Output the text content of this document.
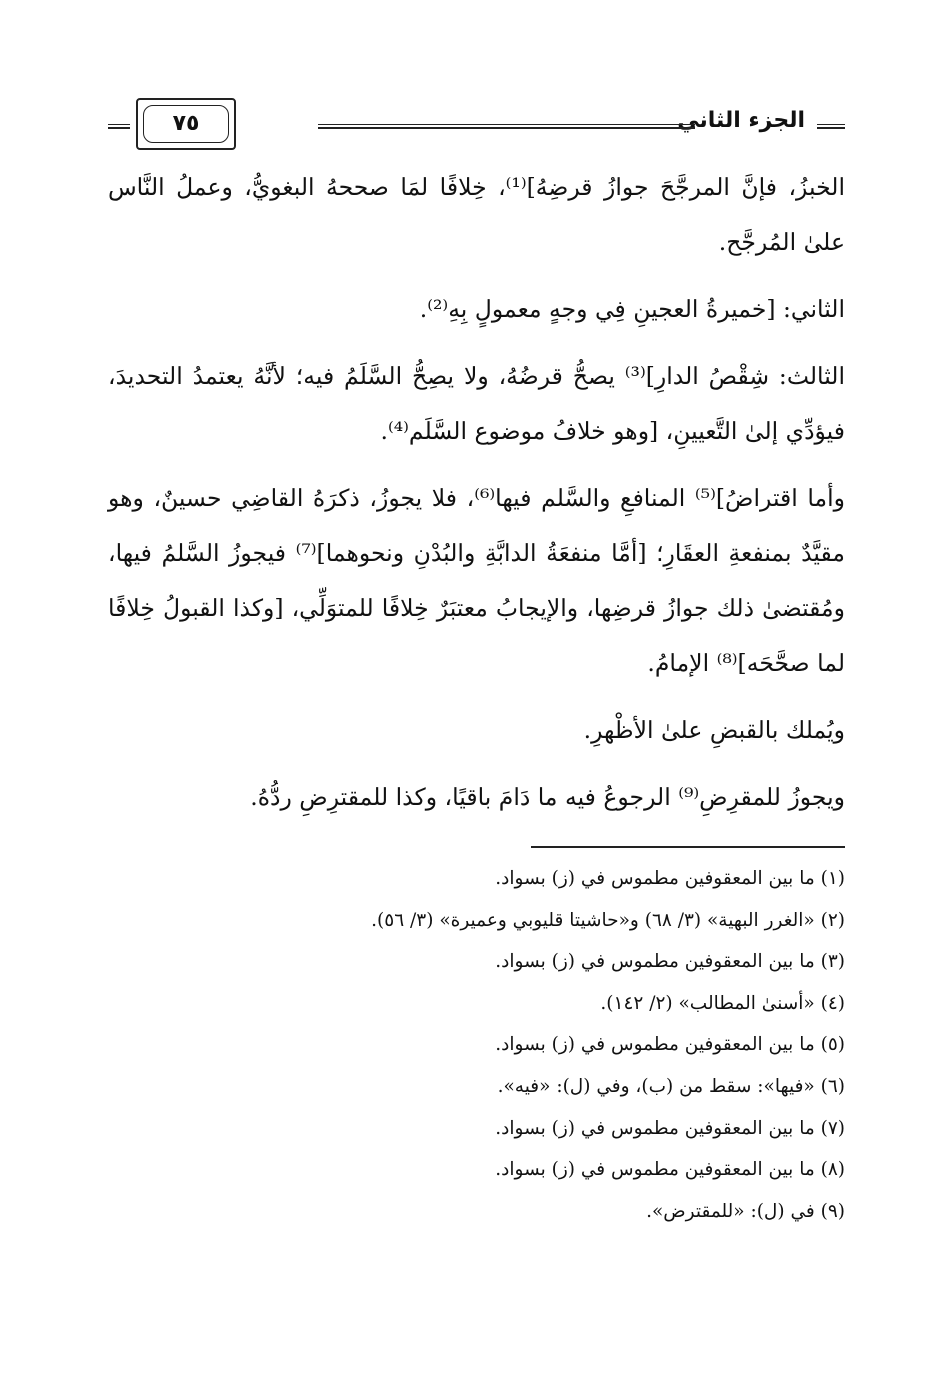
الجزء الثاني
٧٥

الخبزُ، فإنَّ المرجَّحَ جوازُ قرضِهُ]⁽¹⁾، خِلافًا لمَا صححهُ البغويُّ، وعملُ النَّاس علىٰ المُرجَّح.

الثاني: [خميرةُ العجينِ فِي وجهٍ معمولٍ بِهِ⁽²⁾.

الثالث: شِقْصُ الدارِ]⁽³⁾ يصحُّ قرضُهُ، ولا يصِحُّ السَّلَمُ فيه؛ لأنَّهُ يعتمدُ التحديدَ، فيؤدِّي إلىٰ التَّعيينِ، [وهو خلافُ موضوع السَّلَم⁽⁴⁾.

وأما اقتراضُ]⁽⁵⁾ المنافعِ والسَّلم فيها⁽⁶⁾، فلا يجوزُ، ذكرَهُ القاضِي حسينٌ، وهو مقيَّدٌ بمنفعةِ العقَارِ؛ [أمَّا منفعَةُ الدابَّةِ والبُدْنِ ونحوهما]⁽⁷⁾ فيجوزُ السَّلمُ فيها، ومُقتضىٰ ذلك جوازُ قرضِها، والإيجابُ معتبَرٌ خِلافًا للمتوَلِّي، [وكذا القبولُ خِلافًا لما صحَّحَه]⁽⁸⁾ الإمامُ.

ويُملك بالقبضِ علىٰ الأظْهرِ.

ويجوزُ للمقرِضِ⁽⁹⁾ الرجوعُ فيه ما دَامَ باقيًا، وكذا للمقترِضِ ردُّهُ.

(١) ما بين المعقوفين مطموس في (ز) بسواد.

(٢) «الغرر البهية» (٣/ ٦٨) و«حاشيتا قليوبي وعميرة» (٣/ ٥٦).

(٣) ما بين المعقوفين مطموس في (ز) بسواد.

(٤) «أسنىٰ المطالب» (٢/ ١٤٢).

(٥) ما بين المعقوفين مطموس في (ز) بسواد.

(٦) «فيها»: سقط من (ب)، وفي (ل): «فيه».

(٧) ما بين المعقوفين مطموس في (ز) بسواد.

(٨) ما بين المعقوفين مطموس في (ز) بسواد.

(٩) في (ل): «للمقترض».
